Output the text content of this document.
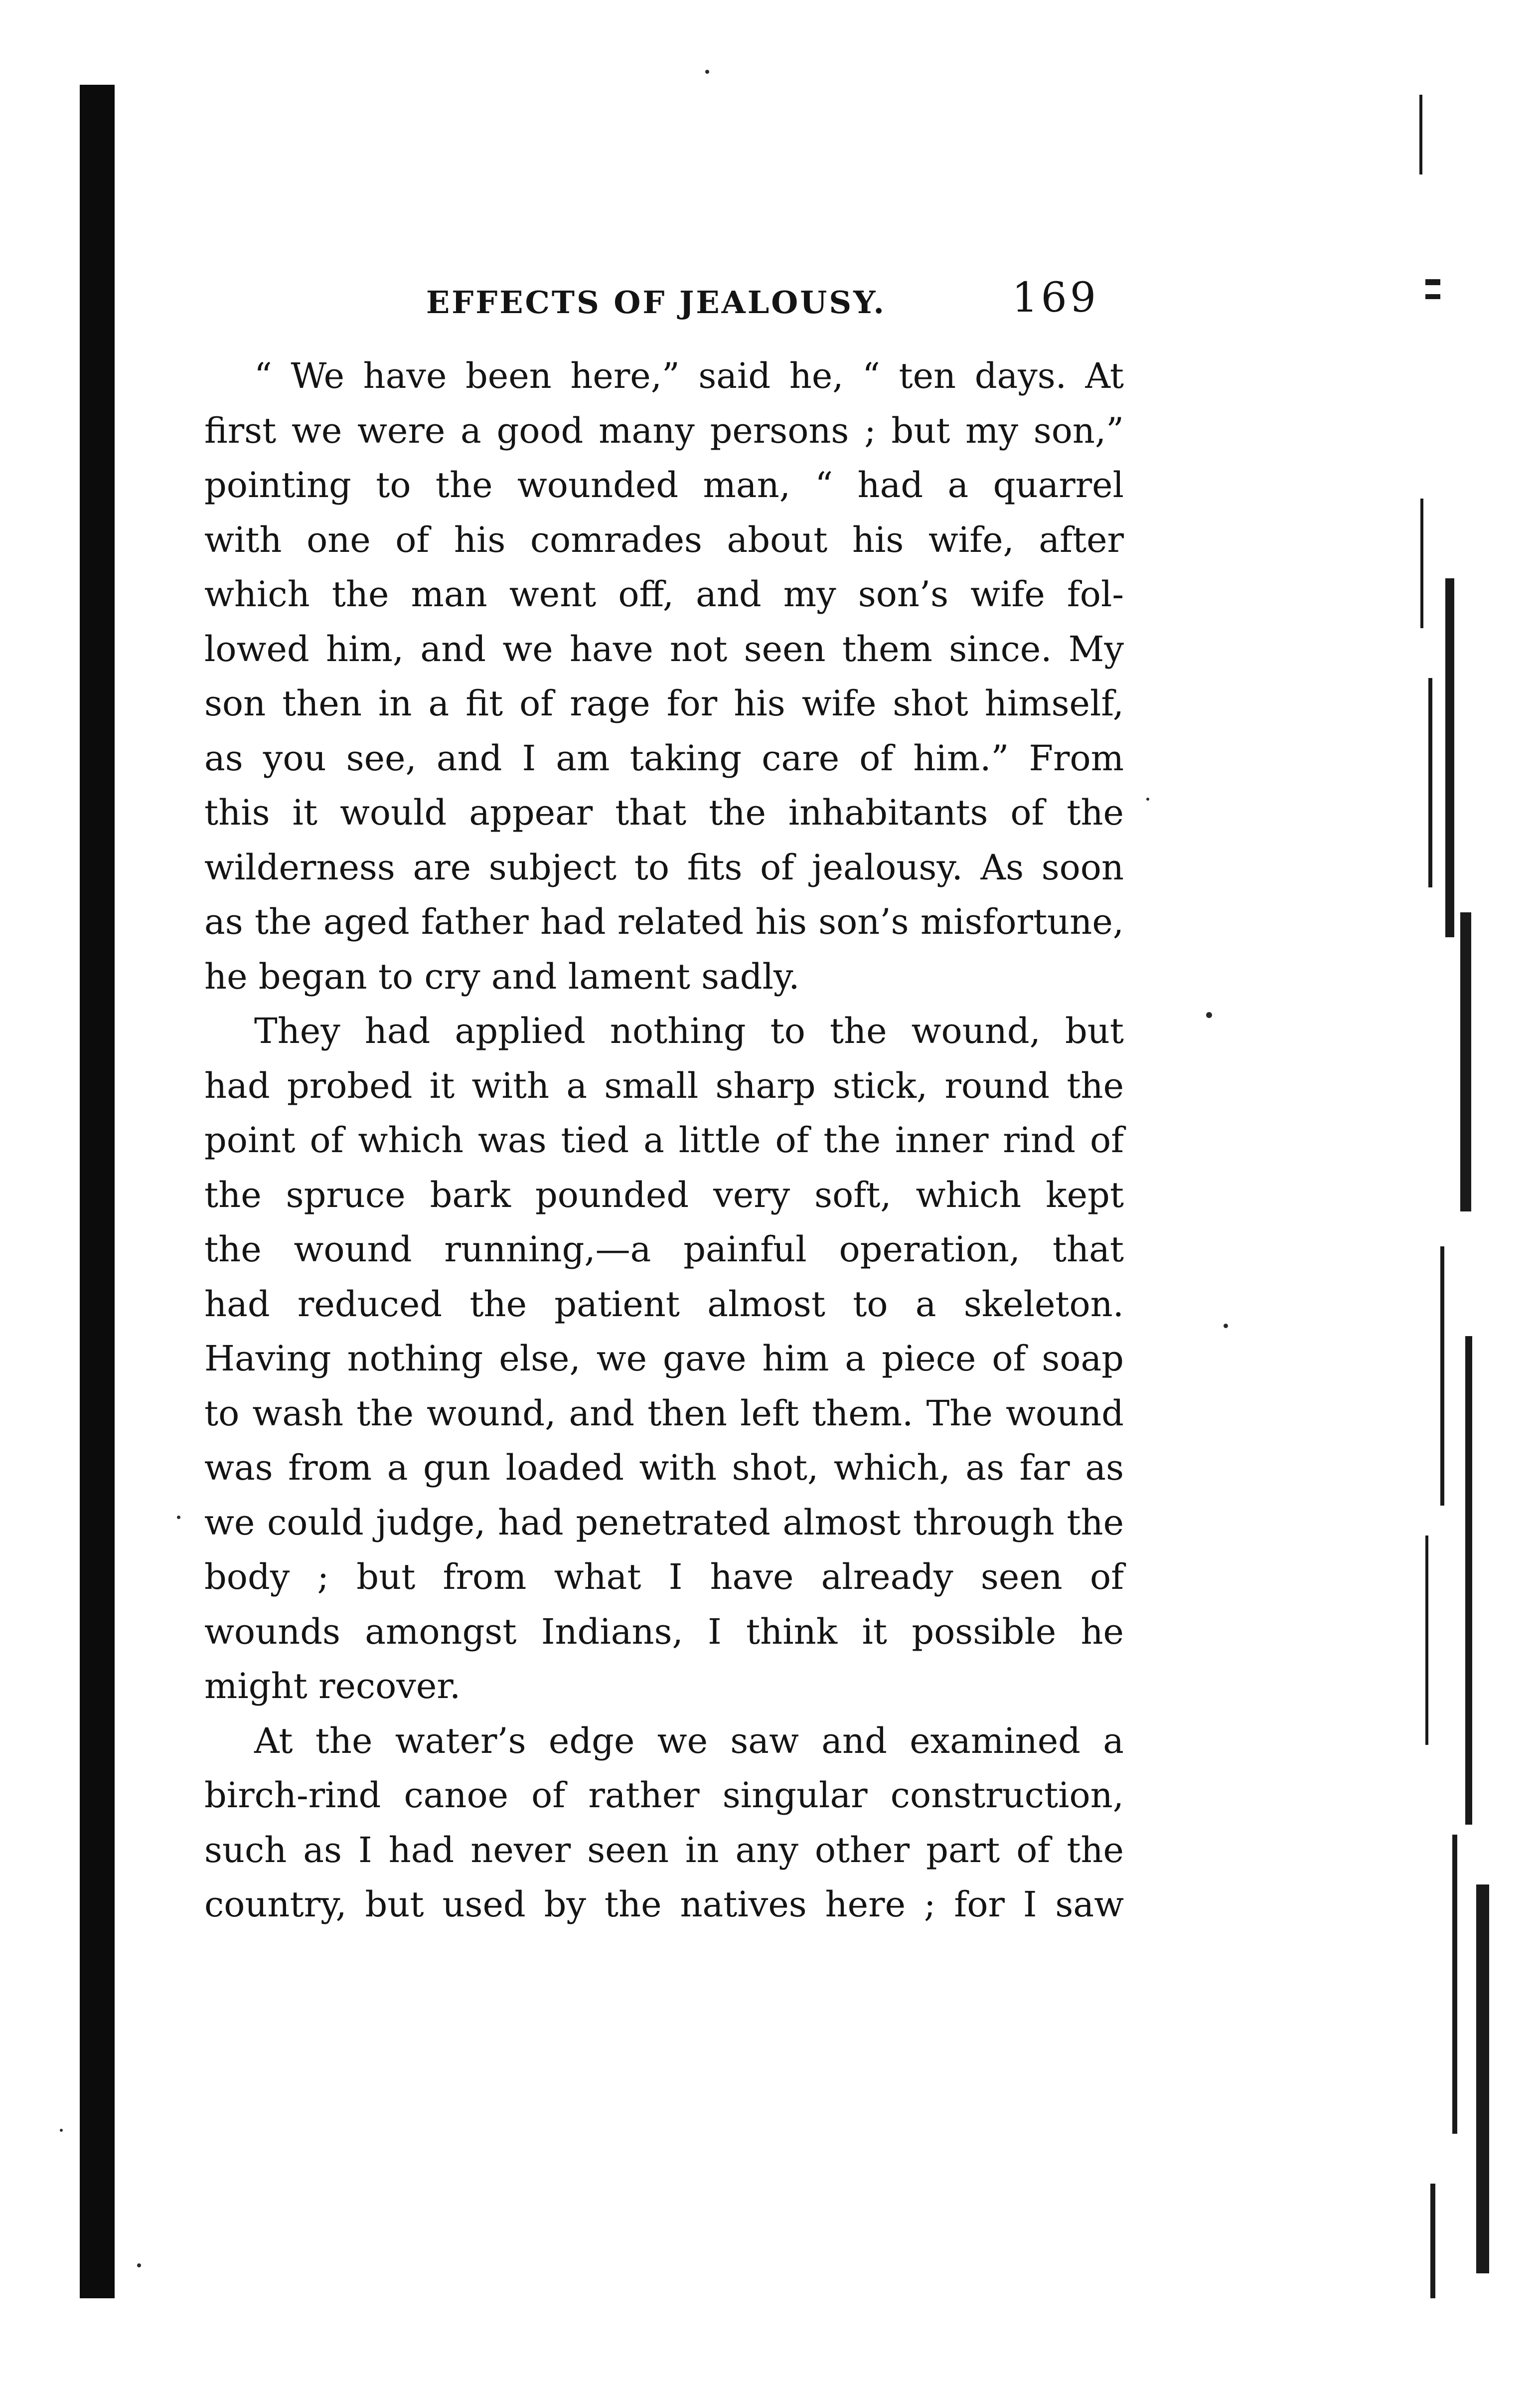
EFFECTS OF JEALOUSY.	169
“ We have been here,” said he, “ ten days. At
first we were a good many persons ; but my son,”
pointing to the wounded man, “ had a quarrel
with one of his comrades about his wife, after
which the man went off, and my son’s wife fol-
lowed him, and we have not seen them since. My
son then in a fit of rage for his wife shot himself,
as you see, and I am taking care of him.” From
this it would appear that the inhabitants of the
wilderness are subject to fits of jealousy. As soon
as the aged father had related his son’s misfortune,
he began to cry and lament sadly.
They had applied nothing to the wound, but
had probed it with a small sharp stick, round the
point of which was tied a little of the inner rind of
the spruce bark pounded very soft, which kept
the wound running,—a painful operation, that
had reduced the patient almost to a skeleton.
Having nothing else, we gave him a piece of soap
to wash the wound, and then left them. The wound
was from a gun loaded with shot, which, as far as
we could judge, had penetrated almost through the
body ; but from what I have already seen of
wounds amongst Indians, I think it possible he
might recover.
At the water’s edge we saw and examined a
birch-rind canoe of rather singular construction,
such as I had never seen in any other part of the
country, but used by the natives here ; for I saw
